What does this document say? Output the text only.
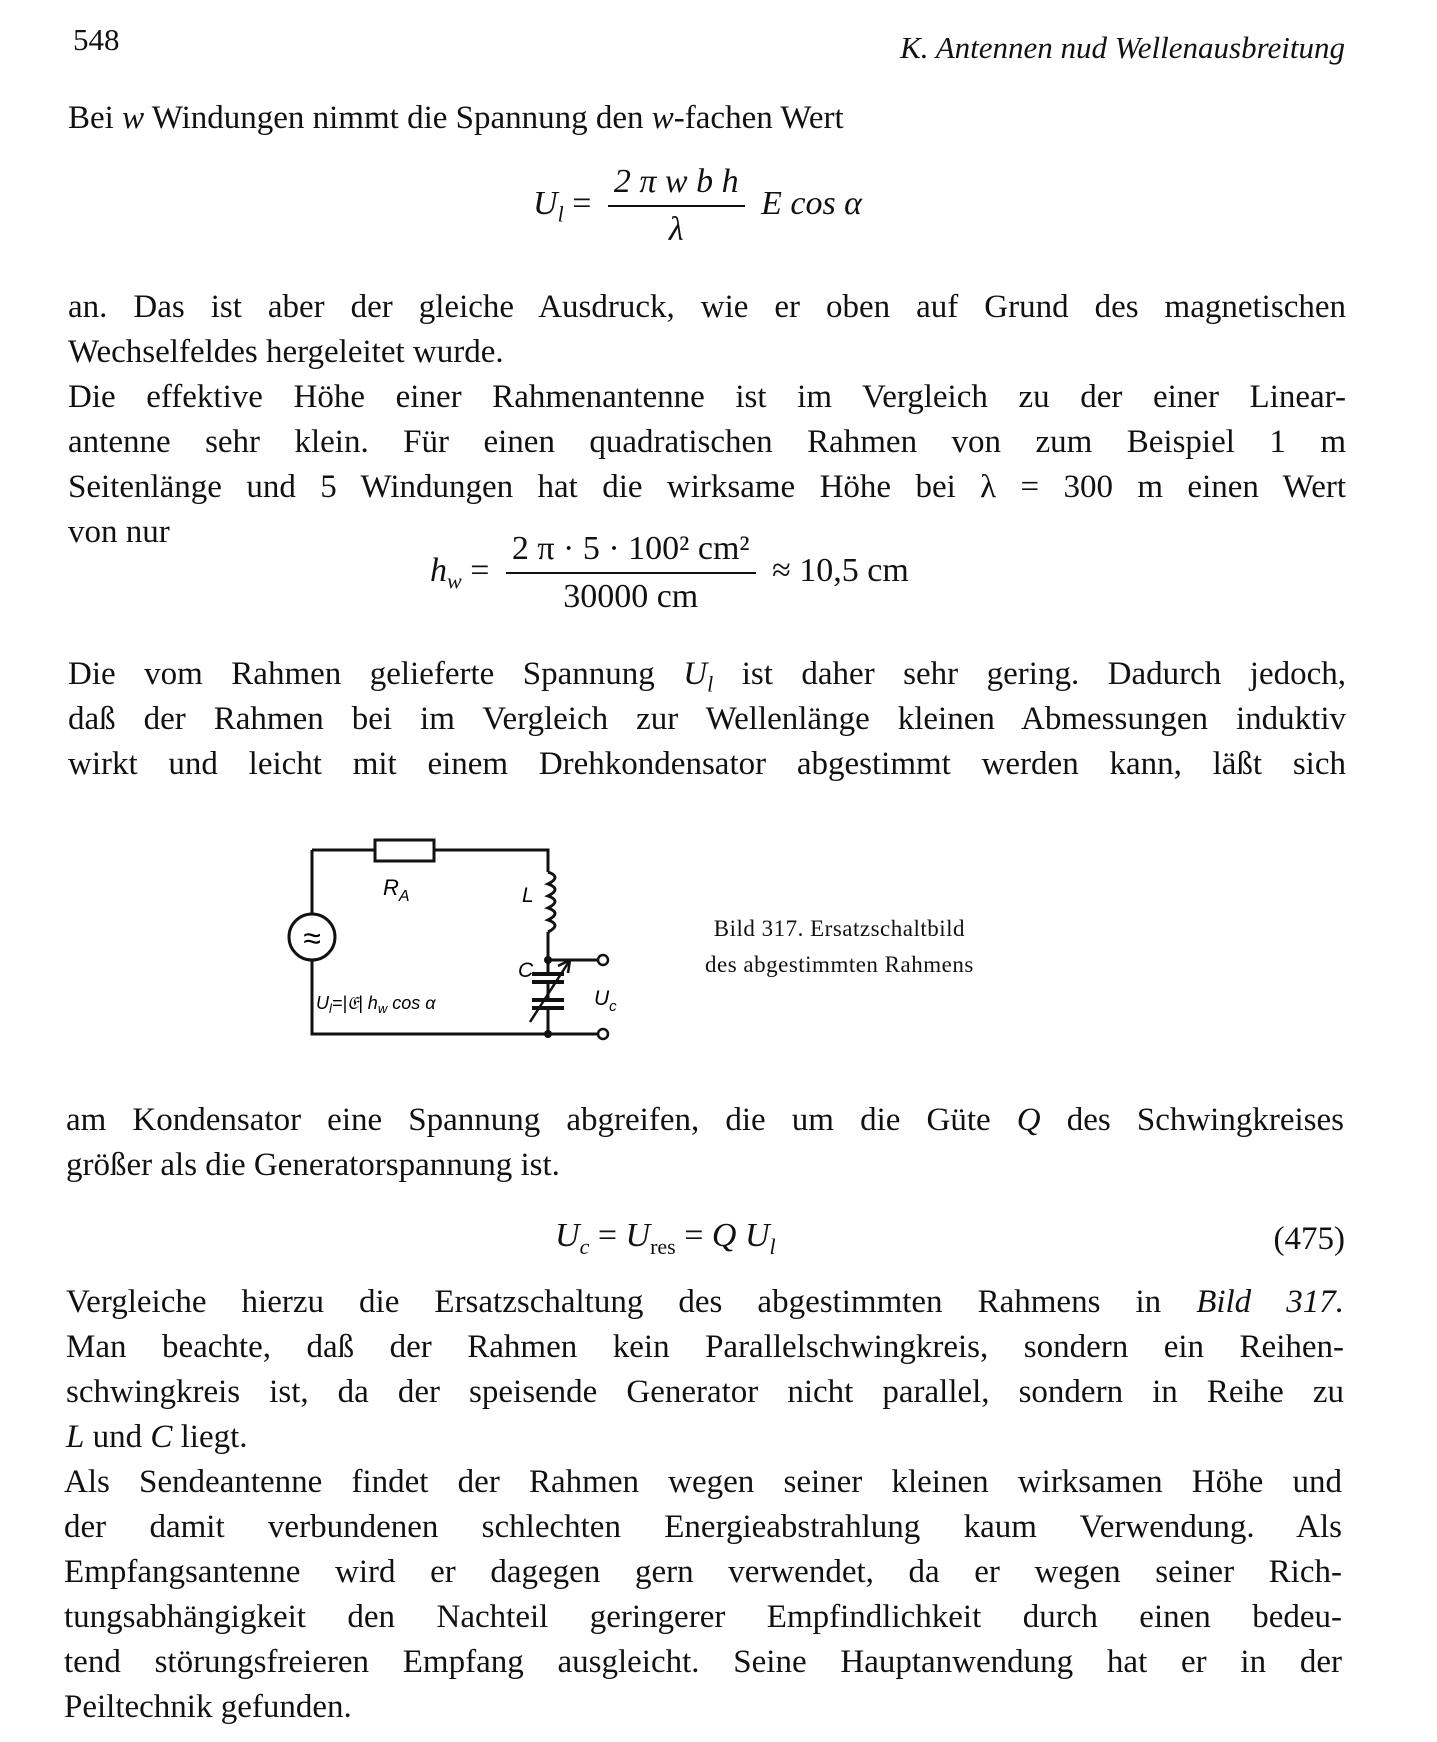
548	K. Antennen nud Wellenausbreitung
Bei w Windungen nimmt die Spannung den w-fachen Wert
$U_l = \frac{\text{2 π w b h}}{\lambda}$ E cos α
an. Das ist aber der gleiche Ausdruck, wie er oben auf Grund des magnetischen
Wechselfeldes hergeleitet wurde.
Die effektive Höhe einer Rahmenantenne ist im Vergleich zu der einer Linear-
antenne sehr klein. Für einen quadratischen Rahmen von zum Beispiel 1 m
Seitenlänge und 5 Windungen hat die wirksame Höhe bei λ = 300 m einen Wert
von nur
$h_w = \frac{\text{2 π · 5 · 100² cm²}}{30000 cm} \approx 10,5$ cm
Die vom Rahmen gelieferte Spannung $U_l$ ist daher sehr gering. Dadurch jedoch,
daß der Rahmen bei im Vergleich zur Wellenlänge kleinen Abmessungen induktiv
wirkt und leicht mit einem Drehkondensator abgestimmt werden kann, läßt sich
≈
$R_A$	L
C
$U_c$
$U_l=|𝔈|$ $h_w$ cos α
Bild 317. Ersatzschaltbild
des abgestimmten Rahmens
am Kondensator eine Spannung abgreifen, die um die Güte Q des Schwingkreises
größer als die Generatorspannung ist.
$U_c = U_{res} = Q$ $U_l$	(475)
Vergleiche hierzu die Ersatzschaltung des abgestimmten Rahmens in Bild 317.
Man beachte, daß der Rahmen kein Parallelschwingkreis, sondern ein Reihen-
schwingkreis ist, da der speisende Generator nicht parallel, sondern in Reihe zu
L und C liegt.
Als Sendeantenne findet der Rahmen wegen seiner kleinen wirksamen Höhe und
der damit verbundenen schlechten Energieabstrahlung kaum Verwendung. Als
Empfangsantenne wird er dagegen gern verwendet, da er wegen seiner Rich-
tungsabhängigkeit den Nachteil geringerer Empfindlichkeit durch einen bedeu-
tend störungsfreieren Empfang ausgleicht. Seine Hauptanwendung hat er in der
Peiltechnik gefunden.
